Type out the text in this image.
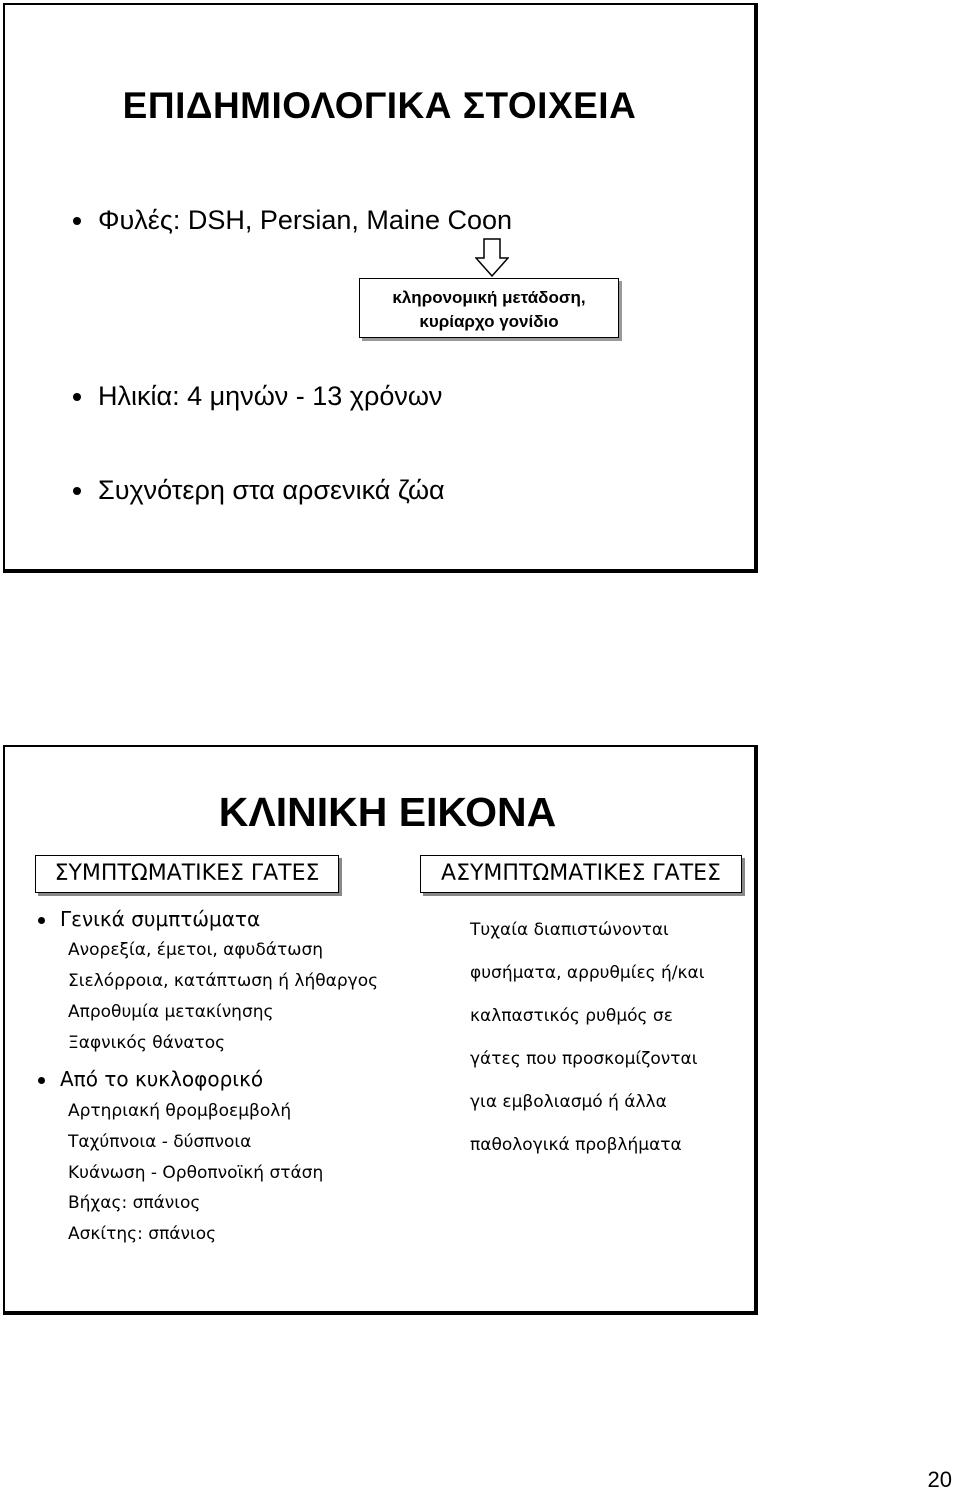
ΕΠΙΔΗΜΙΟΛΟΓΙΚΑ ΣΤΟΙΧΕΙΑ
Φυλές: DSH, Persian, Maine Coon
κληρονομική μετάδοση,
κυρίαρχο γονίδιο
Ηλικία: 4 μηνών - 13 χρόνων
Συχνότερη στα αρσενικά ζώα
ΚΛΙΝΙΚΗ ΕΙΚΟΝΑ
ΣΥΜΠΤΩΜΑΤΙΚΕΣ ΓΑΤΕΣ	ΑΣΥΜΠΤΩΜΑΤΙΚΕΣ ΓΑΤΕΣ
Γενικά συμπτώματα
Ανορεξία, έμετοι, αφυδάτωση
Σιελόρροια, κατάπτωση ή λήθαργος
Απροθυμία μετακίνησης
Ξαφνικός θάνατος
Από το κυκλοφορικό
Αρτηριακή θρομβοεμβολή
Ταχύπνοια - δύσπνοια
Κυάνωση - Ορθοπνοϊκή στάση
Βήχας: σπάνιος
Ασκίτης: σπάνιος
Τυχαία διαπιστώνονται
φυσήματα, αρρυθμίες ή/και
καλπαστικός ρυθμός σε
γάτες που προσκομίζονται
για εμβολιασμό ή άλλα
παθολογικά προβλήματα
20
